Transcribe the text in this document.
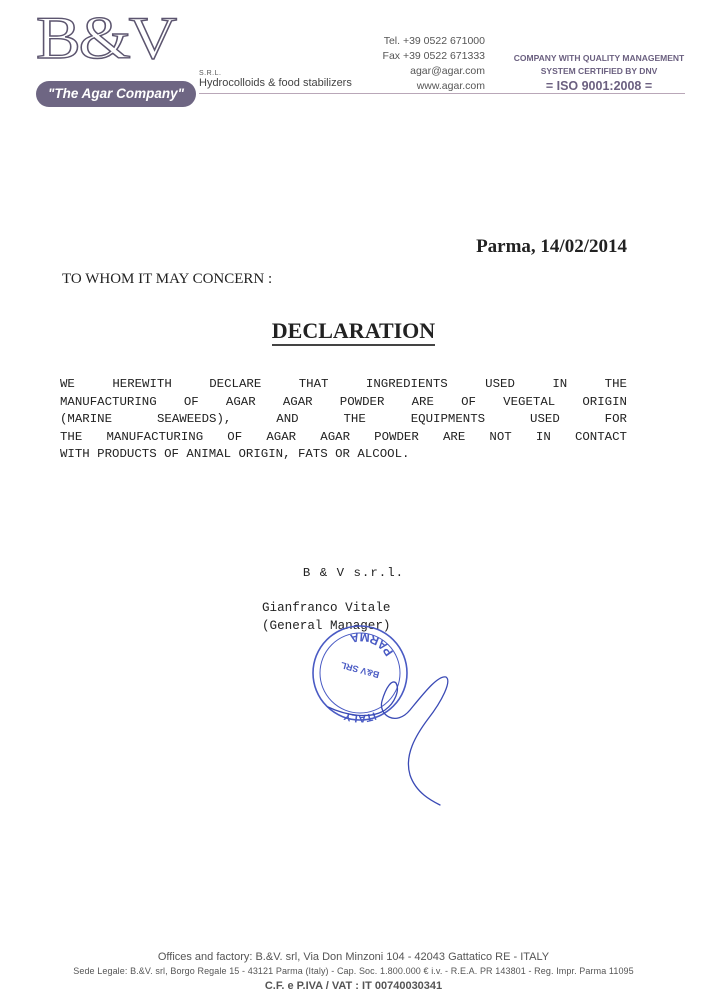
B&V
S.R.L.
"The Agar Company"
Hydrocolloids & food stabilizers
Tel. +39 0522 671000
Fax +39 0522 671333
agar@agar.com
www.agar.com
COMPANY WITH QUALITY MANAGEMENT
SYSTEM CERTIFIED BY DNV
= ISO 9001:2008 =
Parma, 14/02/2014
TO WHOM IT MAY CONCERN :
DECLARATION
WE HEREWITH DECLARE THAT INGREDIENTS USED IN THE
MANUFACTURING OF AGAR AGAR POWDER ARE OF VEGETAL ORIGIN
(MARINE SEAWEEDS), AND THE EQUIPMENTS USED FOR
THE MANUFACTURING OF AGAR AGAR POWDER ARE NOT IN CONTACT
WITH PRODUCTS OF ANIMAL ORIGIN, FATS OR ALCOOL.
B & V s.r.l.
Gianfranco Vitale
(General Manager)
ITALY
B&V SRL
PARMA
Offices and factory: B.&V. srl, Via Don Minzoni 104 - 42043 Gattatico RE - ITALY
Sede Legale: B.&V. srl, Borgo Regale 15 - 43121 Parma (Italy) - Cap. Soc. 1.800.000 € i.v. - R.E.A. PR 143801 - Reg. Impr. Parma 11095
C.F. e P.IVA / VAT : IT 00740030341
